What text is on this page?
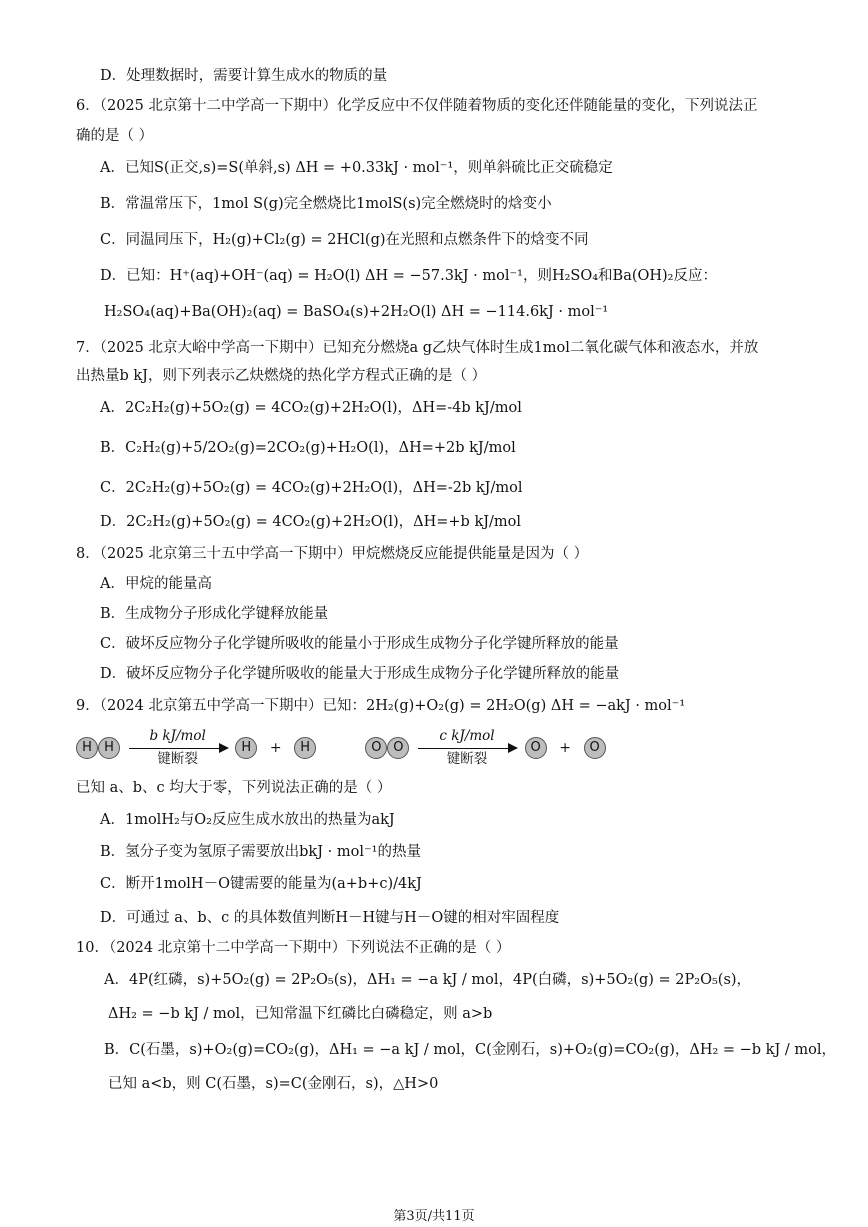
D．处理数据时，需要计算生成水的物质的量
6．（2025 北京第十二中学高一下期中）化学反应中不仅伴随着物质的变化还伴随能量的变化，下列说法正
确的是（ ）
A．已知S(正交,s)=S(单斜,s) ΔH = +0.33kJ · mol⁻¹，则单斜硫比正交硫稳定
B．常温常压下，1mol S(g)完全燃烧比1molS(s)完全燃烧时的焓变小
C．同温同压下，H₂(g)+Cl₂(g) = 2HCl(g)在光照和点燃条件下的焓变不同
D．已知：H⁺(aq)+OH⁻(aq) = H₂O(l) ΔH = −57.3kJ · mol⁻¹，则H₂SO₄和Ba(OH)₂反应：
H₂SO₄(aq)+Ba(OH)₂(aq) = BaSO₄(s)+2H₂O(l) ΔH = −114.6kJ · mol⁻¹
7．（2025 北京大峪中学高一下期中）已知充分燃烧a g乙炔气体时生成1mol二氧化碳气体和液态水，并放
出热量b kJ，则下列表示乙炔燃烧的热化学方程式正确的是（ ）
A．2C₂H₂(g)+5O₂(g) = 4CO₂(g)+2H₂O(l)，ΔH=-4b kJ/mol
B．C₂H₂(g)+5/2O₂(g)=2CO₂(g)+H₂O(l)，ΔH=+2b kJ/mol
C．2C₂H₂(g)+5O₂(g) = 4CO₂(g)+2H₂O(l)，ΔH=-2b kJ/mol
D．2C₂H₂(g)+5O₂(g) = 4CO₂(g)+2H₂O(l)，ΔH=+b kJ/mol
8．（2025 北京第三十五中学高一下期中）甲烷燃烧反应能提供能量是因为（ ）
A．甲烷的能量高
B．生成物分子形成化学键释放能量
C．破坏反应物分子化学键所吸收的能量小于形成生成物分子化学键所释放的能量
D．破坏反应物分子化学键所吸收的能量大于形成生成物分子化学键所释放的能量
9．（2024 北京第五中学高一下期中）已知：2H₂(g)+O₂(g) = 2H₂O(g) ΔH = −akJ · mol⁻¹
H H
b kJ/mol
键断裂
H + H	O O
c kJ/mol
键断裂
O + O
已知 a、b、c 均大于零，下列说法正确的是（ ）
A．1molH₂与O₂反应生成水放出的热量为akJ
B．氢分子变为氢原子需要放出bkJ · mol⁻¹的热量
C．断开1molH－O键需要的能量为(a+b+c)/4kJ
D．可通过 a、b、c 的具体数值判断H－H键与H－O键的相对牢固程度
10．（2024 北京第十二中学高一下期中）下列说法不正确的是（ ）
A．4P(红磷，s)+5O₂(g) = 2P₂O₅(s)，ΔH₁ = −a kJ / mol，4P(白磷，s)+5O₂(g) = 2P₂O₅(s)，
ΔH₂ = −b kJ / mol，已知常温下红磷比白磷稳定，则 a>b
B．C(石墨，s)+O₂(g)=CO₂(g)，ΔH₁ = −a kJ / mol，C(金刚石，s)+O₂(g)=CO₂(g)，ΔH₂ = −b kJ / mol，
已知 a<b，则 C(石墨，s)=C(金刚石，s)，△H>0
第3页/共11页
